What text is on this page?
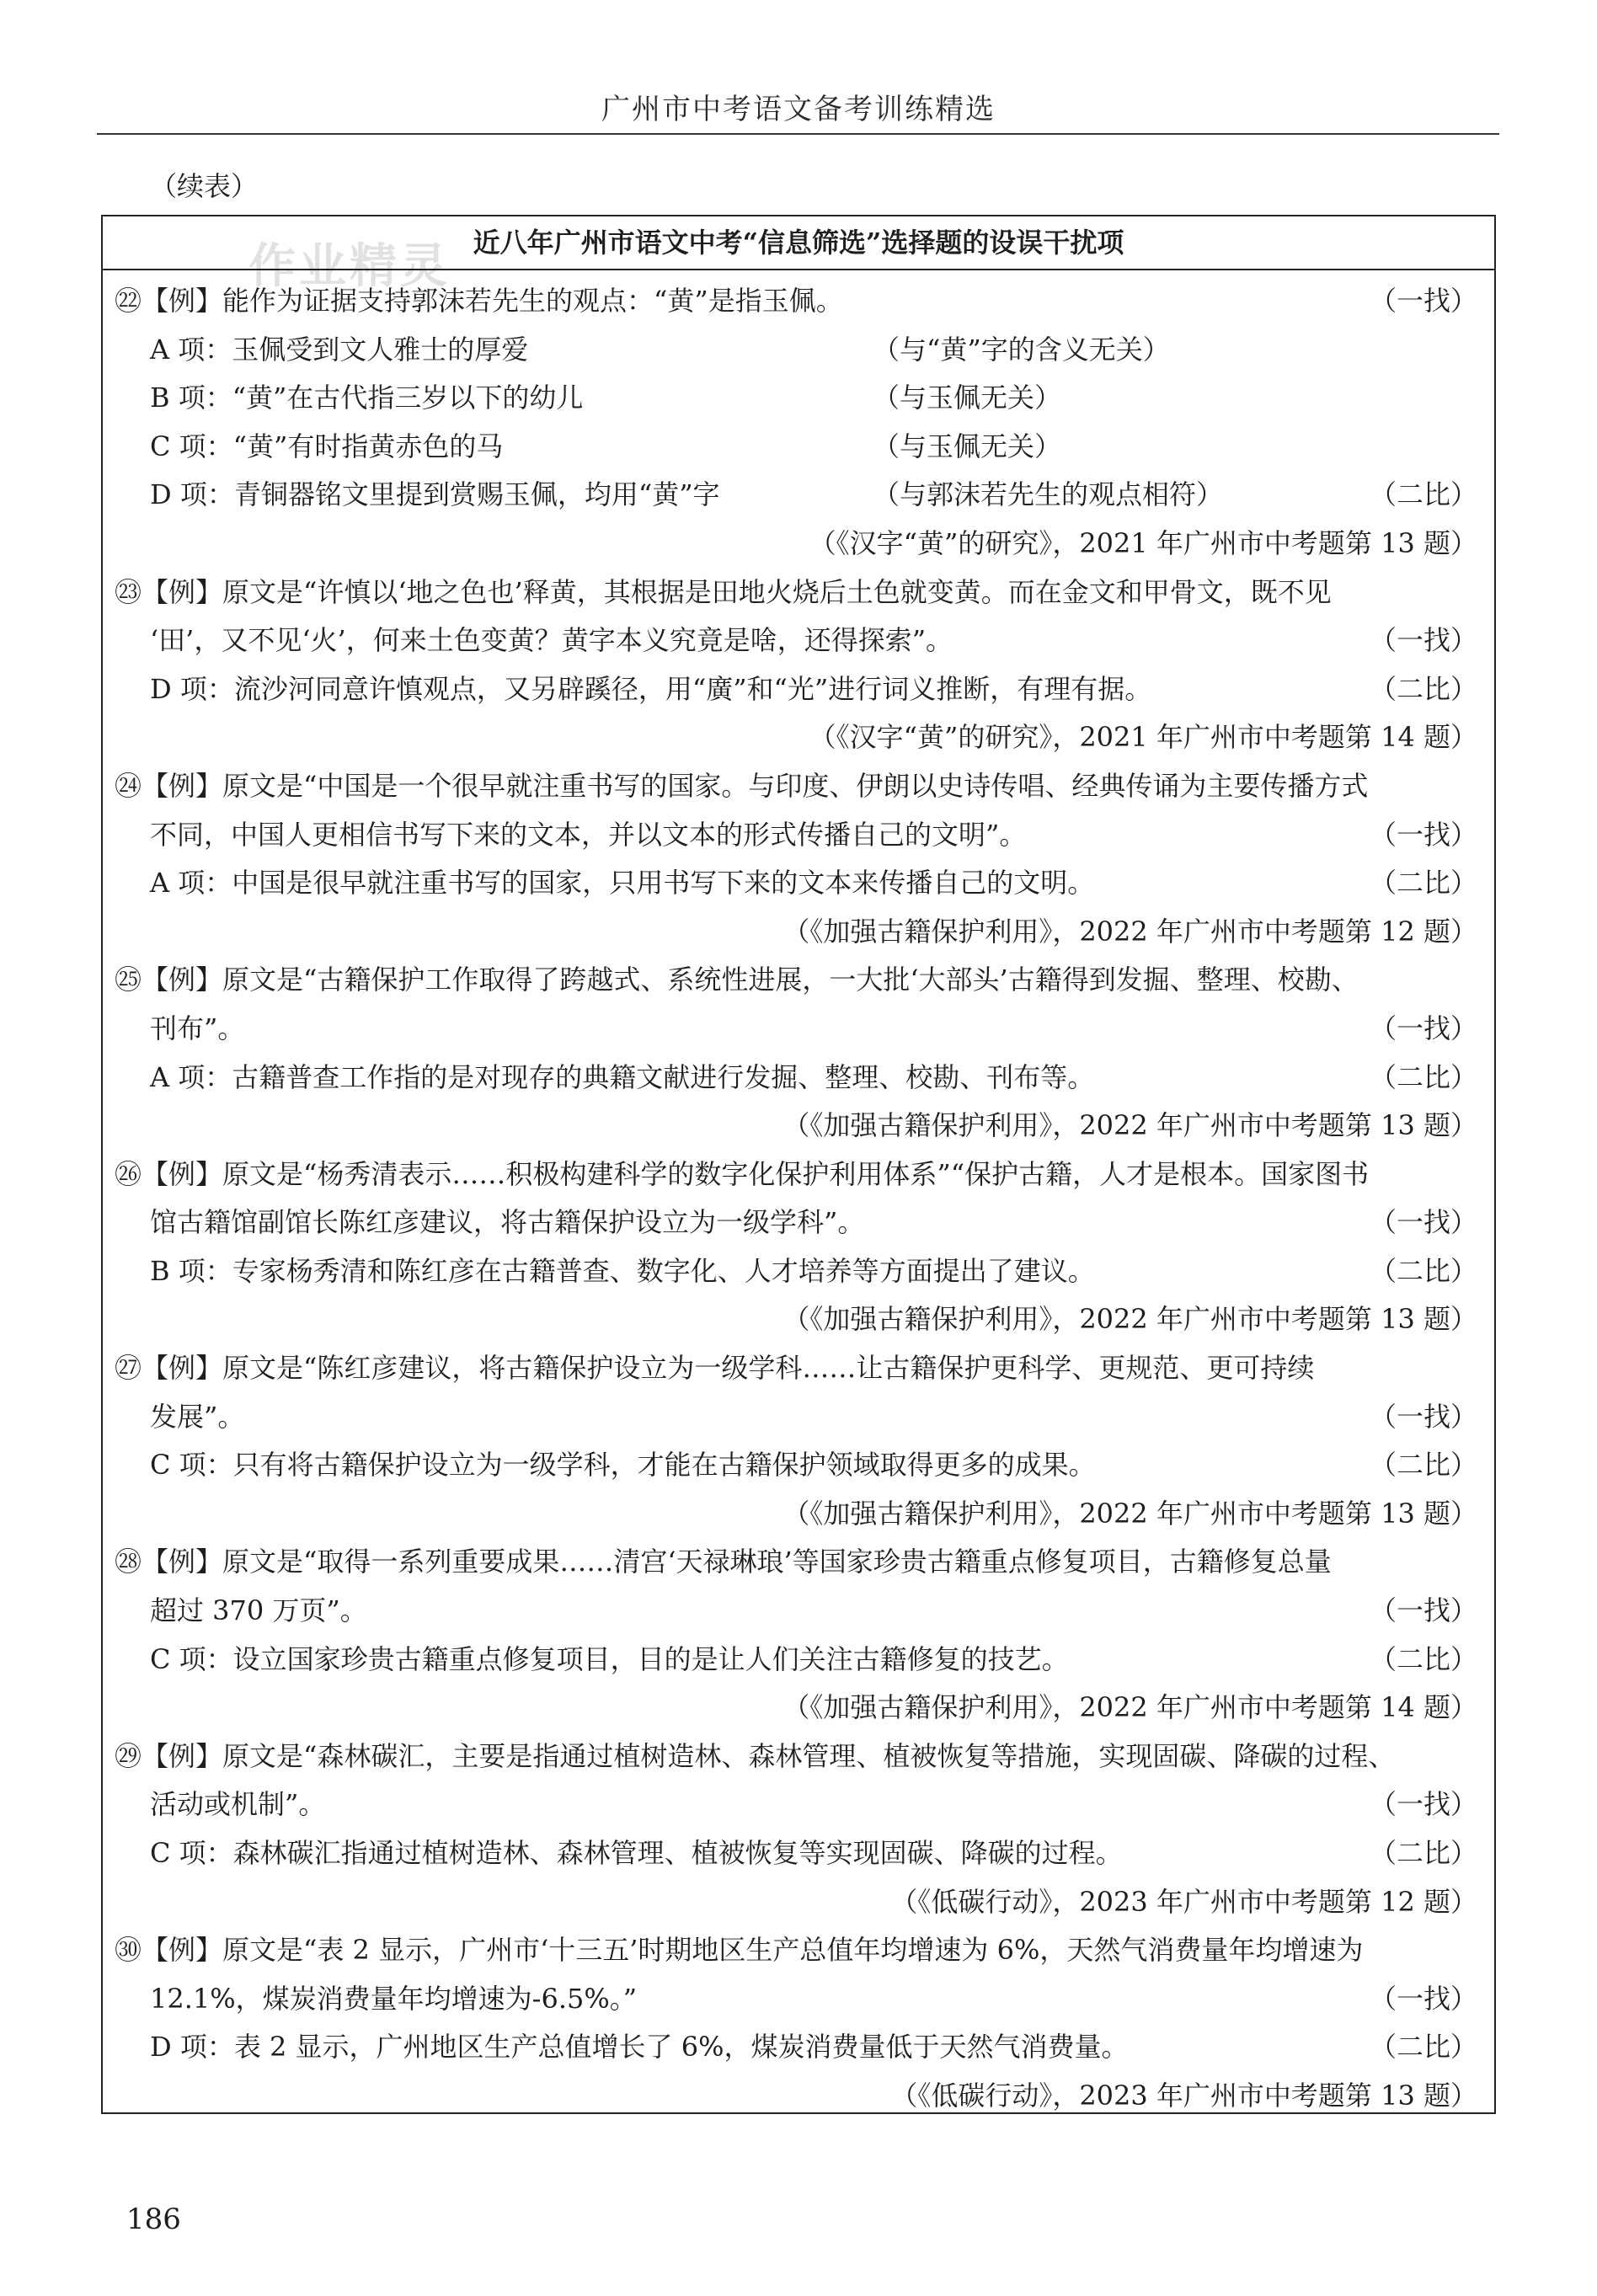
广州市中考语文备考训练精选
（续表）
作业精灵 近八年广州市语文中考“信息筛选”选择题的设误干扰项
㉒【例】能作为证据支持郭沫若先生的观点：“黄”是指玉佩。	（一找）
A 项：玉佩受到文人雅士的厚爱	（与“黄”字的含义无关）
B 项：“黄”在古代指三岁以下的幼儿	（与玉佩无关）
C 项：“黄”有时指黄赤色的马	（与玉佩无关）
D 项：青铜器铭文里提到赏赐玉佩，均用“黄”字	（与郭沫若先生的观点相符）	（二比）
（《汉字“黄”的研究》，2021 年广州市中考题第 13 题）
㉓【例】原文是“许慎以‘地之色也’释黄，其根据是田地火烧后土色就变黄。而在金文和甲骨文，既不见
‘田’，又不见‘火’，何来土色变黄？黄字本义究竟是啥，还得探索”。	（一找）
D 项：流沙河同意许慎观点，又另辟蹊径，用“廣”和“光”进行词义推断，有理有据。	（二比）
（《汉字“黄”的研究》，2021 年广州市中考题第 14 题）
㉔【例】原文是“中国是一个很早就注重书写的国家。与印度、伊朗以史诗传唱、经典传诵为主要传播方式
不同，中国人更相信书写下来的文本，并以文本的形式传播自己的文明”。	（一找）
A 项：中国是很早就注重书写的国家，只用书写下来的文本来传播自己的文明。	（二比）
（《加强古籍保护利用》，2022 年广州市中考题第 12 题）
㉕【例】原文是“古籍保护工作取得了跨越式、系统性进展，一大批‘大部头’古籍得到发掘、整理、校勘、
刊布”。	（一找）
A 项：古籍普查工作指的是对现存的典籍文献进行发掘、整理、校勘、刊布等。	（二比）
（《加强古籍保护利用》，2022 年广州市中考题第 13 题）
㉖【例】原文是“杨秀清表示……积极构建科学的数字化保护利用体系”“保护古籍，人才是根本。国家图书
馆古籍馆副馆长陈红彦建议，将古籍保护设立为一级学科”。	（一找）
B 项：专家杨秀清和陈红彦在古籍普查、数字化、人才培养等方面提出了建议。	（二比）
（《加强古籍保护利用》，2022 年广州市中考题第 13 题）
㉗【例】原文是“陈红彦建议，将古籍保护设立为一级学科……让古籍保护更科学、更规范、更可持续
发展”。	（一找）
C 项：只有将古籍保护设立为一级学科，才能在古籍保护领域取得更多的成果。	（二比）
（《加强古籍保护利用》，2022 年广州市中考题第 13 题）
㉘【例】原文是“取得一系列重要成果……清宫‘天禄琳琅’等国家珍贵古籍重点修复项目，古籍修复总量
超过 370 万页”。	（一找）
C 项：设立国家珍贵古籍重点修复项目，目的是让人们关注古籍修复的技艺。	（二比）
（《加强古籍保护利用》，2022 年广州市中考题第 14 题）
㉙【例】原文是“森林碳汇，主要是指通过植树造林、森林管理、植被恢复等措施，实现固碳、降碳的过程、
活动或机制”。	（一找）
C 项：森林碳汇指通过植树造林、森林管理、植被恢复等实现固碳、降碳的过程。	（二比）
（《低碳行动》，2023 年广州市中考题第 12 题）
㉚【例】原文是“表 2 显示，广州市‘十三五’时期地区生产总值年均增速为 6%，天然气消费量年均增速为
12.1%，煤炭消费量年均增速为-6.5%。”	（一找）
D 项：表 2 显示，广州地区生产总值增长了 6%，煤炭消费量低于天然气消费量。	（二比）
（《低碳行动》，2023 年广州市中考题第 13 题）
186
